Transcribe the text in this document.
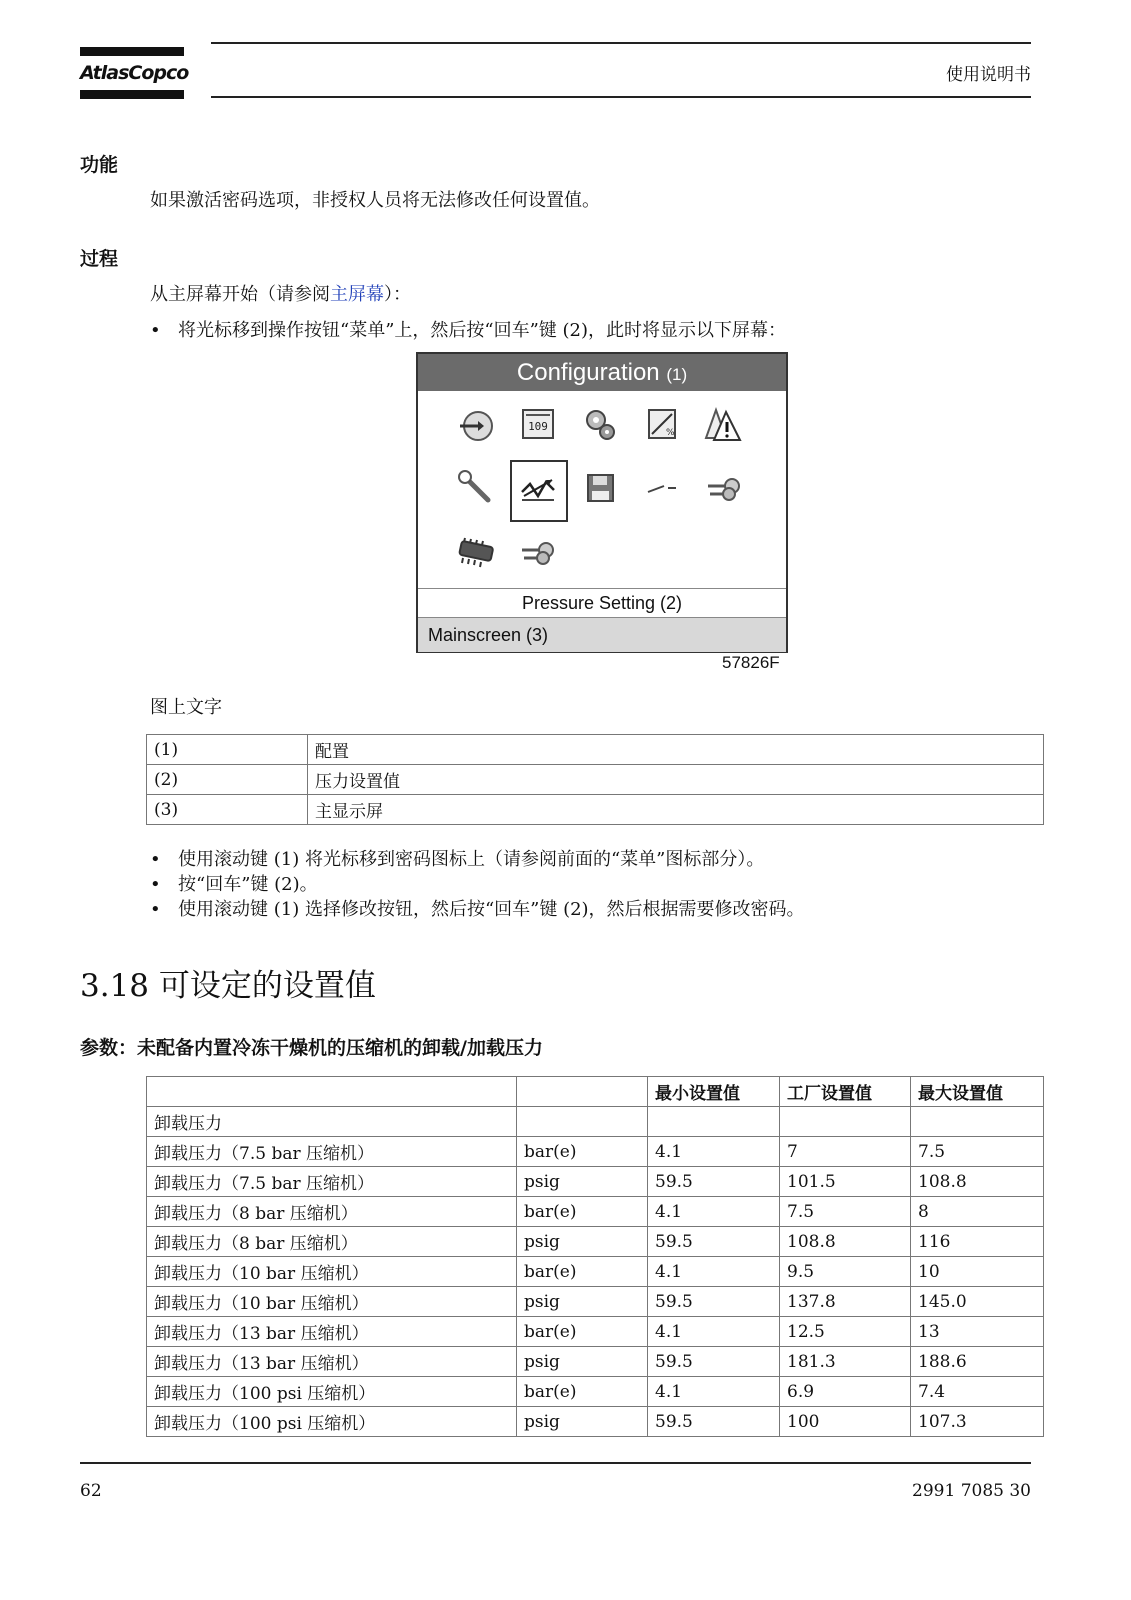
AtlasCopco	使用说明书
功能
如果激活密码选项，非授权人员将无法修改任何设置值。
过程
从主屏幕开始（请参阅主屏幕）：
• 将光标移到操作按钮“菜单”上，然后按“回车”键 (2)，此时将显示以下屏幕：
Configuration (1)
109	%
Pressure Setting (2)
Mainscreen (3)
57826F
图上文字
(1)	配置
(2)	压力设置值
(3)	主显示屏
• 使用滚动键 (1) 将光标移到密码图标上（请参阅前面的“菜单”图标部分）。
• 按“回车”键 (2)。
• 使用滚动键 (1) 选择修改按钮，然后按“回车”键 (2)，然后根据需要修改密码。
3.18 可设定的设置值
参数：未配备内置冷冻干燥机的压缩机的卸载/加载压力
		最小设置值	工厂设置值	最大设置值
卸载压力				
卸载压力（7.5 bar 压缩机）	bar(e)	4.1	7	7.5
卸载压力（7.5 bar 压缩机）	psig	59.5	101.5	108.8
卸载压力（8 bar 压缩机）	bar(e)	4.1	7.5	8
卸载压力（8 bar 压缩机）	psig	59.5	108.8	116
卸载压力（10 bar 压缩机）	bar(e)	4.1	9.5	10
卸载压力（10 bar 压缩机）	psig	59.5	137.8	145.0
卸载压力（13 bar 压缩机）	bar(e)	4.1	12.5	13
卸载压力（13 bar 压缩机）	psig	59.5	181.3	188.6
卸载压力（100 psi 压缩机）	bar(e)	4.1	6.9	7.4
卸载压力（100 psi 压缩机）	psig	59.5	100	107.3
62	2991 7085 30
